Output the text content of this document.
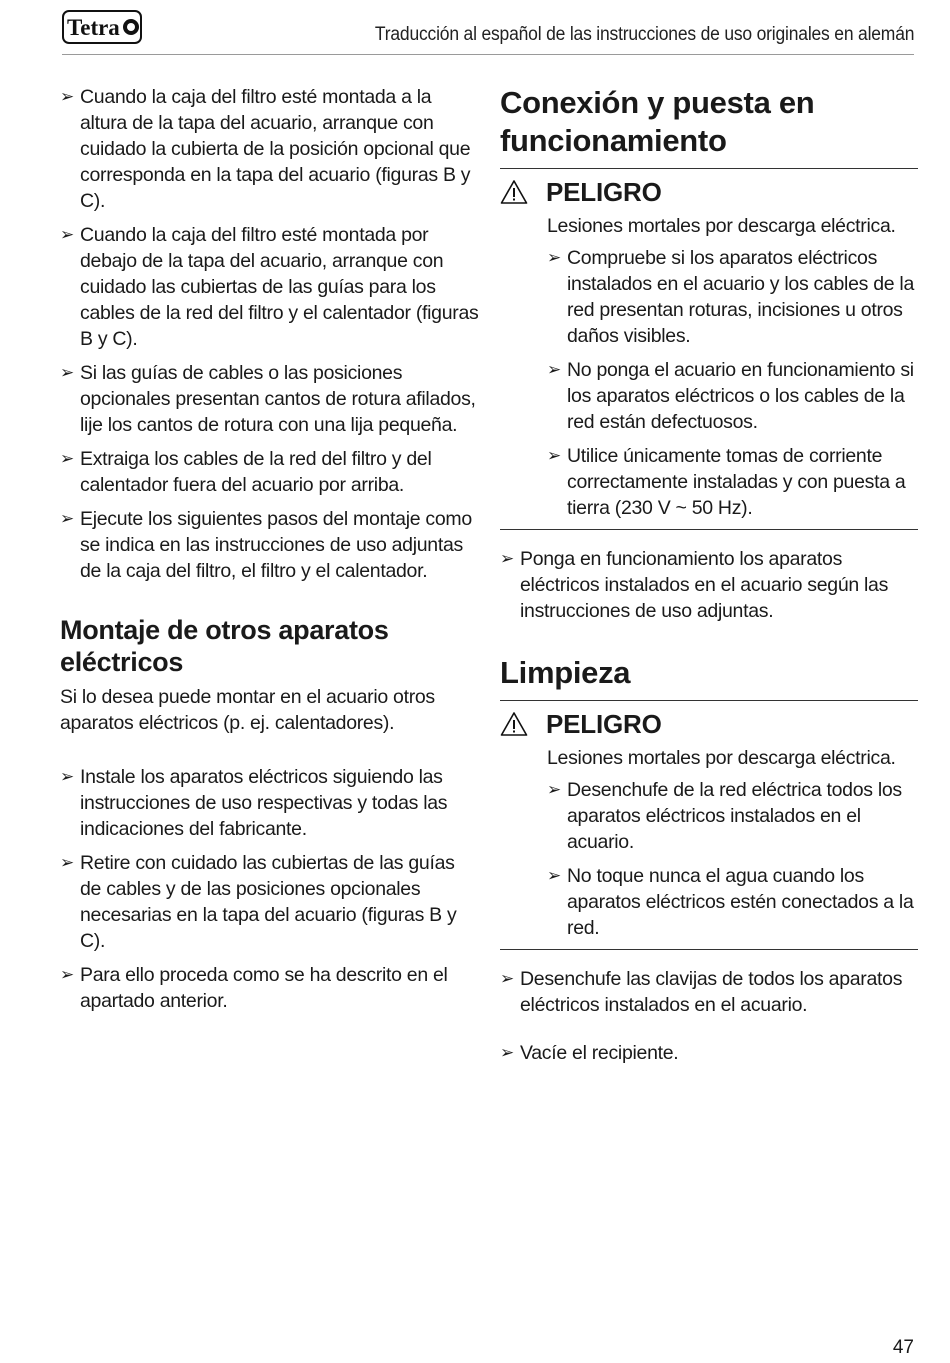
Tetra	Traducción al español de las instrucciones de uso originales en alemán
➢ Cuando la caja del filtro esté montada a la altura de la tapa del acuario, arranque con cuidado la cubierta de la posición opcional que corresponda en la tapa del acuario (figuras B y C).
➢ Cuando la caja del filtro esté montada por debajo de la tapa del acuario, arranque con cuidado las cubiertas de las guías para los cables de la red del filtro y el calentador (figuras B y C).
➢ Si las guías de cables o las posiciones opcionales presentan cantos de rotura afilados, lije los cantos de rotura con una lija pequeña.
➢ Extraiga los cables de la red del filtro y del calentador fuera del acuario por arriba.
➢ Ejecute los siguientes pasos del montaje como se indica en las instrucciones de uso adjuntas de la caja del filtro, el filtro y el calentador.
Montaje de otros aparatos eléctricos

Si lo desea puede montar en el acuario otros aparatos eléctricos (p. ej. calentadores).

➢ Instale los aparatos eléctricos siguiendo las instrucciones de uso respectivas y todas las indicaciones del fabricante.
➢ Retire con cuidado las cubiertas de las guías de cables y de las posiciones opcionales necesarias en la tapa del acuario (figuras B y C).
➢ Para ello proceda como se ha descrito en el apartado anterior.
Conexión y puesta en funcionamiento
PELIGRO

Lesiones mortales por descarga eléctrica.

➢ Compruebe si los aparatos eléctricos instalados en el acuario y los cables de la red presentan roturas, incisiones u otros daños visibles.
➢ No ponga el acuario en funcionamiento si los aparatos eléctricos o los cables de la red están defectuosos.
➢ Utilice únicamente tomas de corriente correctamente instaladas y con puesta a tierra (230 V ~ 50 Hz).
➢ Ponga en funcionamiento los aparatos eléctricos instalados en el acuario según las instrucciones de uso adjuntas.
Limpieza
PELIGRO

Lesiones mortales por descarga eléctrica.

➢ Desenchufe de la red eléctrica todos los aparatos eléctricos instalados en el acuario.
➢ No toque nunca el agua cuando los aparatos eléctricos estén conectados a la red.
➢ Desenchufe las clavijas de todos los aparatos eléctricos instalados en el acuario.
➢ Vacíe el recipiente.
47
